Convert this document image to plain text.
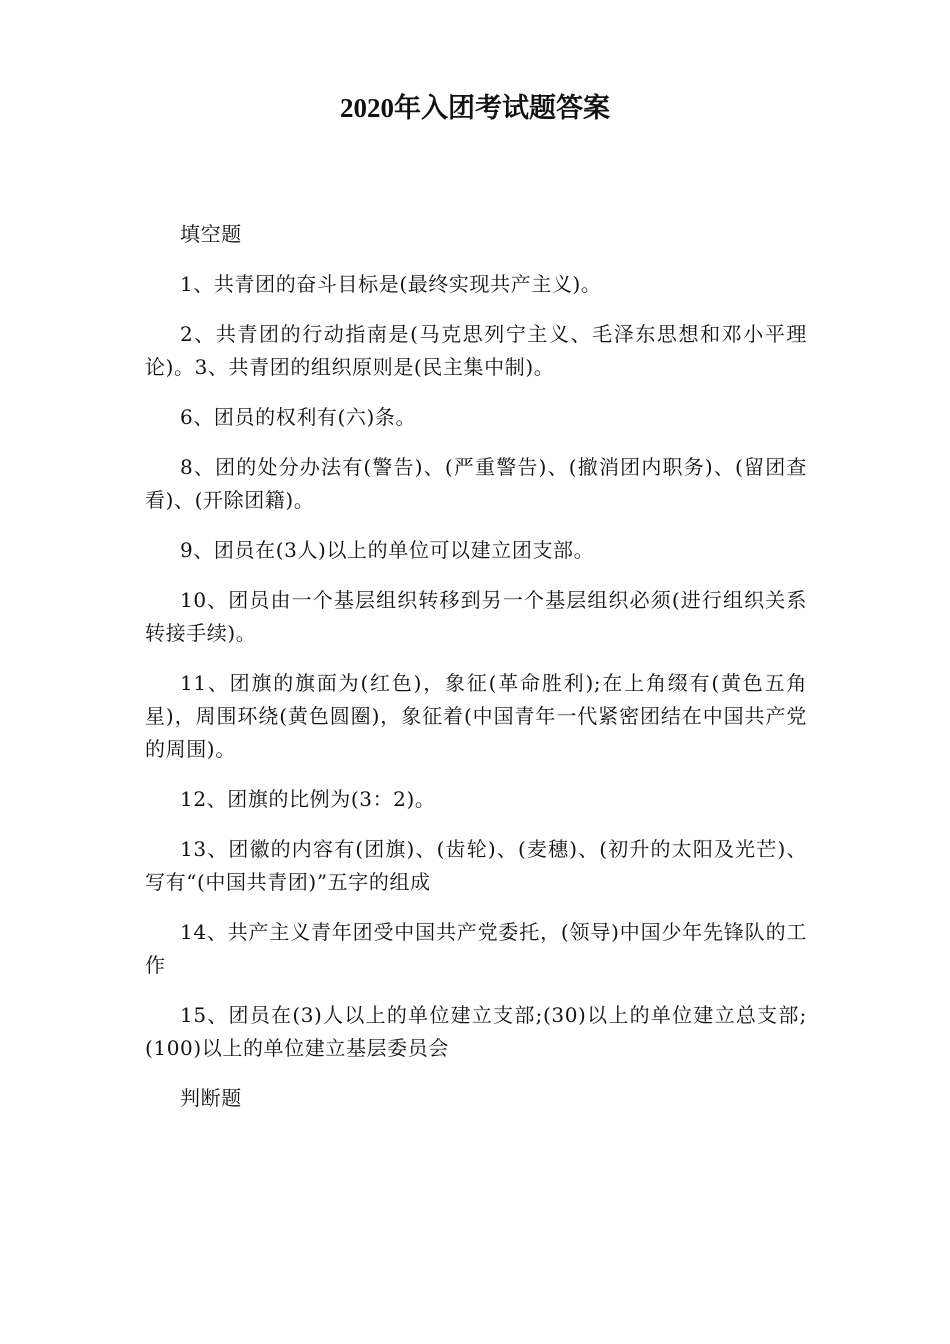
2020年入团考试题答案

填空题

1、共青团的奋斗目标是(最终实现共产主义)。

2、共青团的行动指南是(马克思列宁主义、毛泽东思想和邓小平理论)。3、共青团的组织原则是(民主集中制)。

6、团员的权利有(六)条。

8、团的处分办法有(警告)、(严重警告)、(撤消团内职务)、(留团查看)、(开除团籍)。

9、团员在(3人)以上的单位可以建立团支部。

10、团员由一个基层组织转移到另一个基层组织必须(进行组织关系转接手续)。

11、团旗的旗面为(红色)，象征(革命胜利);在上角缀有(黄色五角星)，周围环绕(黄色圆圈)，象征着(中国青年一代紧密团结在中国共产党的周围)。

12、团旗的比例为(3：2)。

13、团徽的内容有(团旗)、(齿轮)、(麦穗)、(初升的太阳及光芒)、写有“(中国共青团)”五字的组成

14、共产主义青年团受中国共产党委托，(领导)中国少年先锋队的工作

15、团员在(3)人以上的单位建立支部;(30)以上的单位建立总支部;(100)以上的单位建立基层委员会

判断题
